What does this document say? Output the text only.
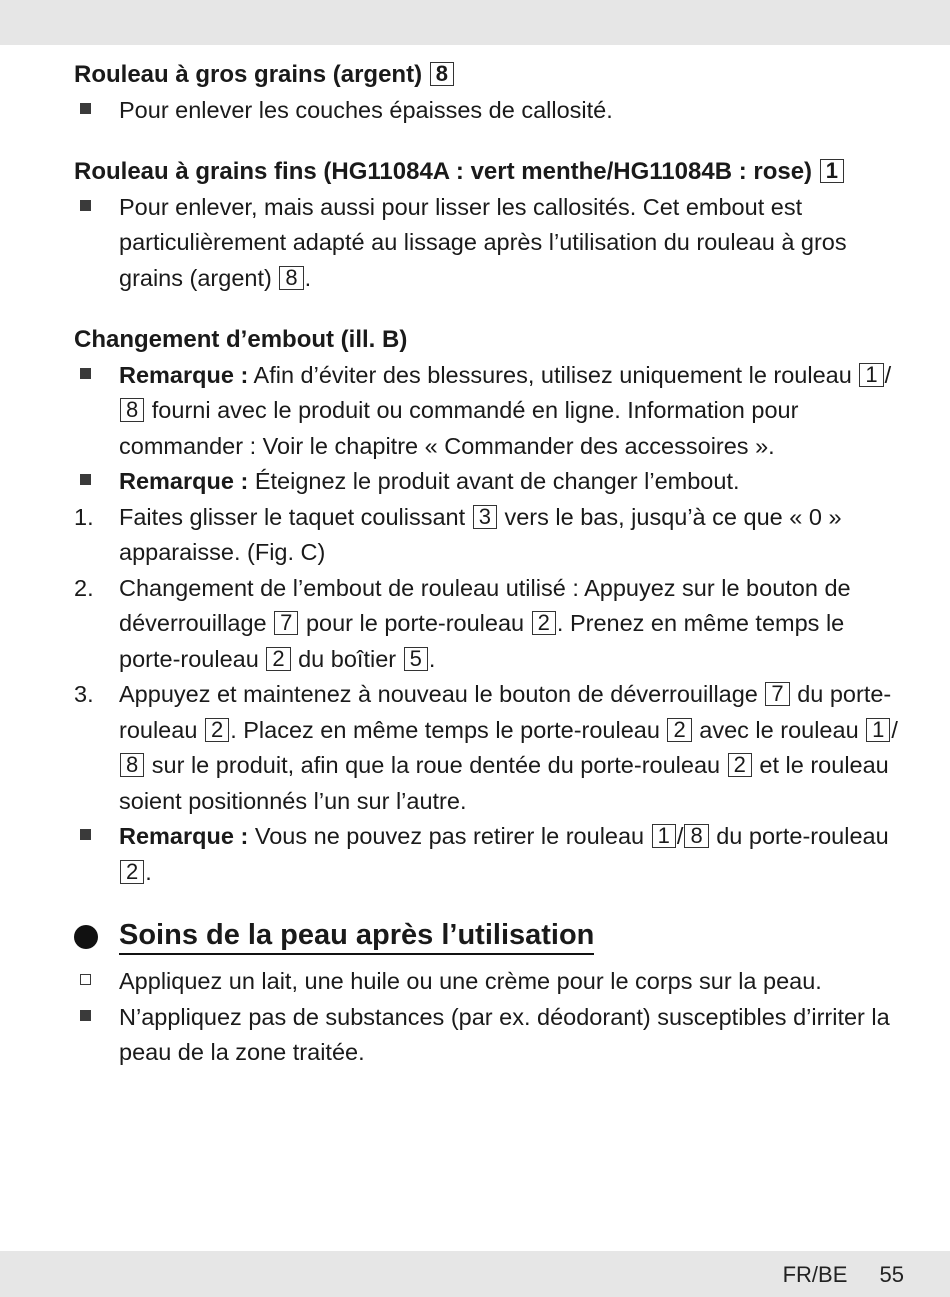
Rouleau à gros grains (argent) 8
Pour enlever les couches épaisses de callosité.
Rouleau à grains fins (HG11084A : vert menthe/HG11084B : rose) 1
Pour enlever, mais aussi pour lisser les callosités. Cet embout est particulièrement adapté au lissage après l’utilisation du rouleau à gros grains (argent) 8 .
Changement d’embout (ill. B)
Remarque : Afin d’éviter des blessures, utilisez uniquement le rouleau 1 /8 fourni avec le produit ou commandé en ligne. Information pour commander : Voir le chapitre « Commander des accessoires ».
Remarque : Éteignez le produit avant de changer l’embout.
1.	Faites glisser le taquet coulissant 3 vers le bas, jusqu’à ce que « 0 » apparaisse. (Fig. C)
2.	Changement de l’embout de rouleau utilisé : Appuyez sur le bouton de déverrouillage 7 pour le porte-rouleau 2 . Prenez en même temps le porte-rouleau 2 du boîtier 5 .
3.	Appuyez et maintenez à nouveau le bouton de déverrouillage 7 du porte-rouleau 2 . Placez en même temps le porte-rouleau 2 avec le rouleau 1 /8 sur le produit, afin que la roue dentée du porte-rouleau 2 et le rouleau soient positionnés l’un sur l’autre.
Remarque : Vous ne pouvez pas retirer le rouleau 1 / 8 du porte-rouleau 2 .
Soins de la peau après l’utilisation
Appliquez un lait, une huile ou une crème pour le corps sur la peau.
N’appliquez pas de substances (par ex. déodorant) susceptibles d’irriter la peau de la zone traitée.
FR/BE 55
